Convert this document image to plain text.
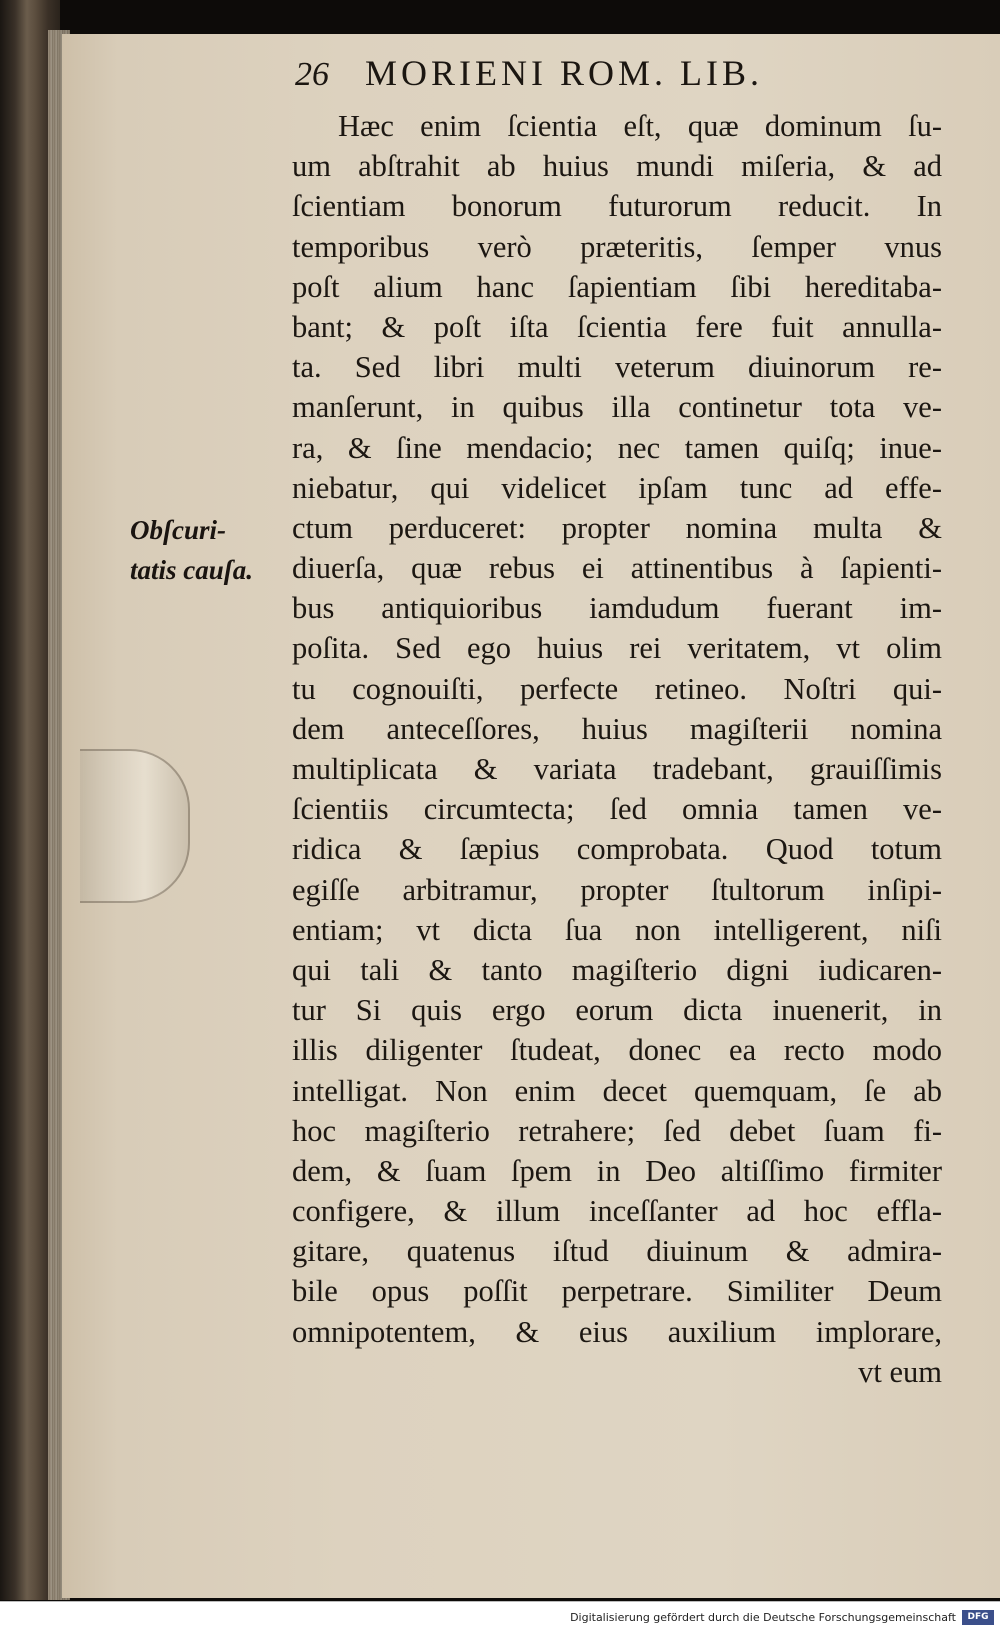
26 MORIENI ROM. LIB.
Obſcuri-
tatis cauſa.
Hæc enim ſcientia eſt, quæ dominum ſu-
um abſtrahit ab huius mundi miſeria, & ad
ſcientiam bonorum futurorum reducit. In
temporibus verò præteritis, ſemper vnus
poſt alium hanc ſapientiam ſibi hereditaba-
bant; & poſt iſta ſcientia fere fuit annulla-
ta. Sed libri multi veterum diuinorum re-
manſerunt, in quibus illa continetur tota ve-
ra, & ſine mendacio; nec tamen quiſq; inue-
niebatur, qui videlicet ipſam tunc ad effe-
ctum perduceret: propter nomina multa &
diuerſa, quæ rebus ei attinentibus à ſapienti-
bus antiquioribus iamdudum fuerant im-
poſita. Sed ego huius rei veritatem, vt olim
tu cognouiſti, perfecte retineo. Noſtri qui-
dem anteceſſores, huius magiſterii nomina
multiplicata & variata tradebant, grauiſſimis
ſcientiis circumtecta; ſed omnia tamen ve-
ridica & ſæpius comprobata. Quod totum
egiſſe arbitramur, propter ſtultorum inſipi-
entiam; vt dicta ſua non intelligerent, niſi
qui tali & tanto magiſterio digni iudicaren-
tur Si quis ergo eorum dicta inuenerit, in
illis diligenter ſtudeat, donec ea recto modo
intelligat. Non enim decet quemquam, ſe ab
hoc magiſterio retrahere; ſed debet ſuam fi-
dem, & ſuam ſpem in Deo altiſſimo firmiter
configere, & illum inceſſanter ad hoc effla-
gitare, quatenus iſtud diuinum & admira-
bile opus poſſit perpetrare. Similiter Deum
omnipotentem, & eius auxilium implorare,
vt eum
Digitalisierung gefördert durch die Deutsche Forschungsgemeinschaft	DFG
